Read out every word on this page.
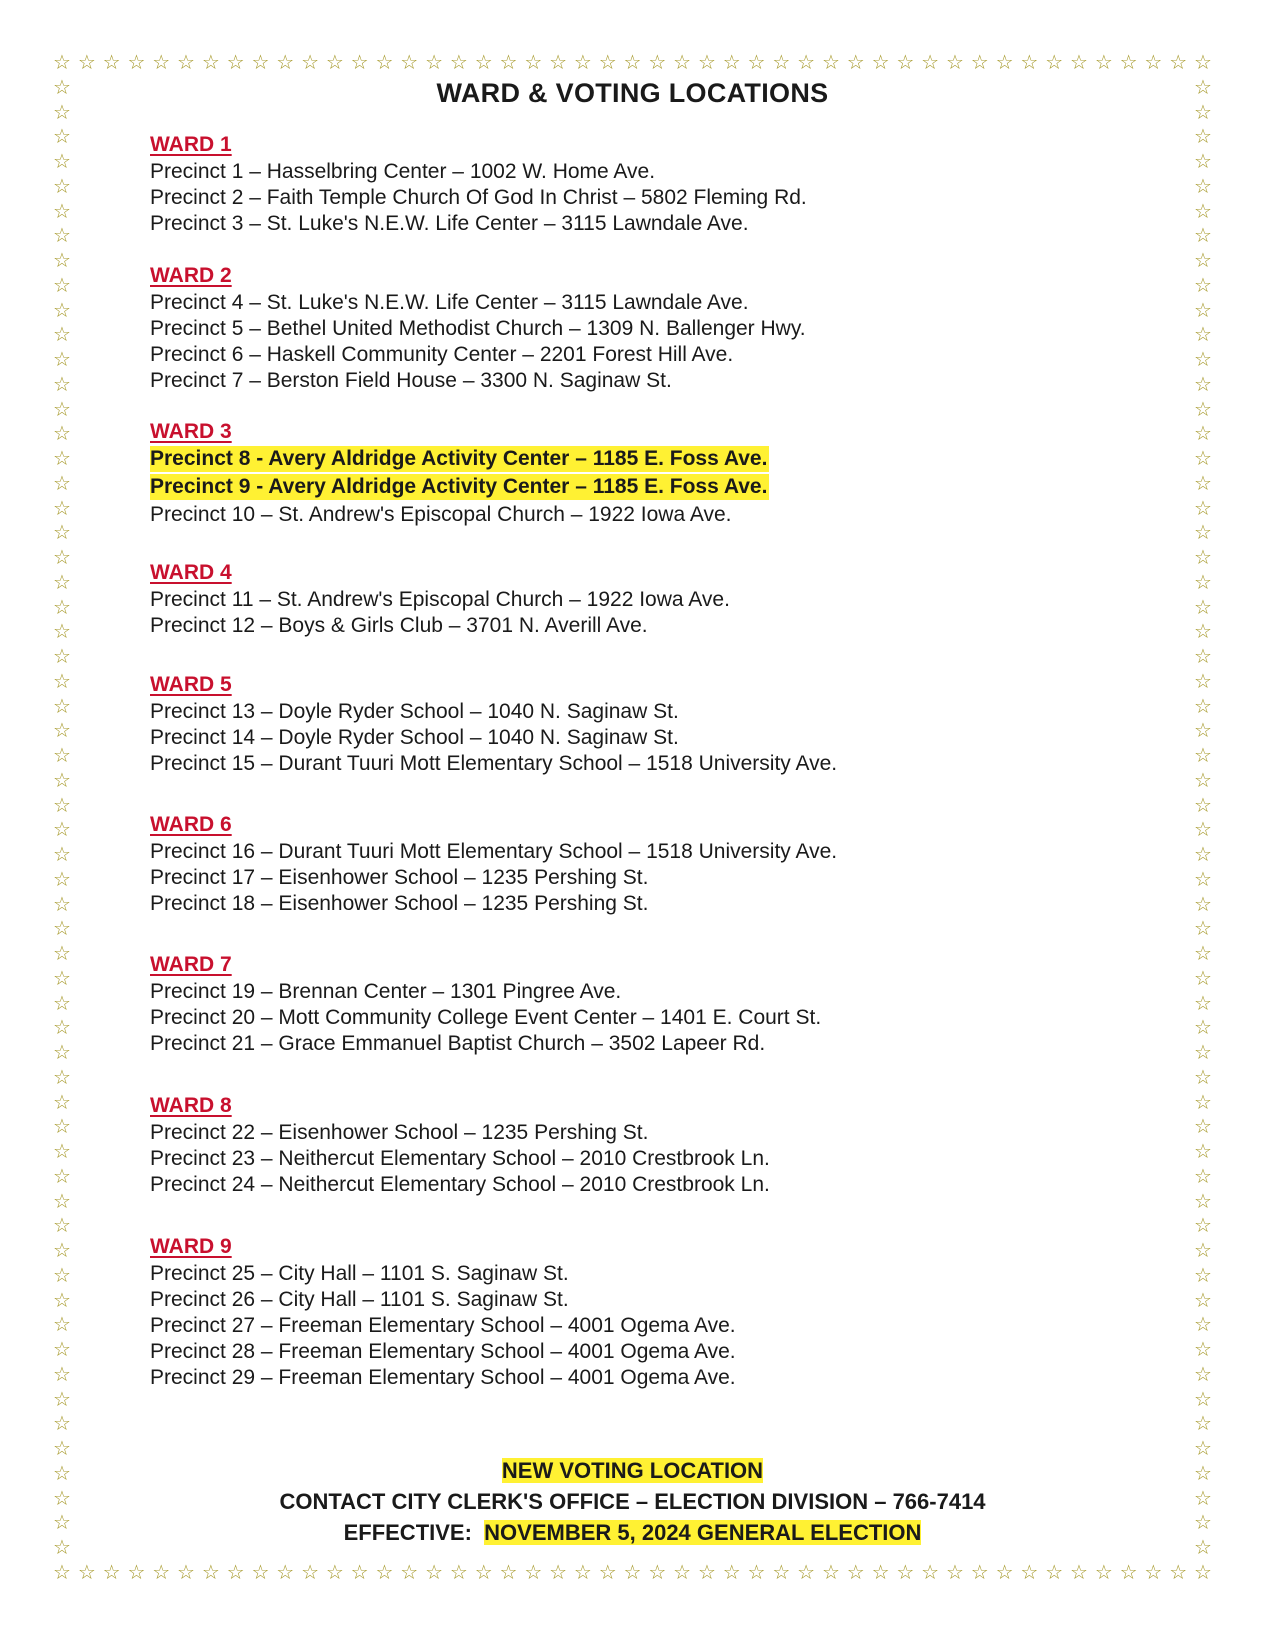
☆
☆
☆
☆
☆
☆
☆
☆
☆
☆
☆
☆
☆
☆
☆
☆
☆
☆
☆
☆
☆
☆
☆
☆
☆
☆
☆
☆
☆
☆
☆
☆
☆
☆
☆
☆
☆
☆
☆
☆
☆
☆
☆
☆
☆
☆
☆
☆
☆
☆
☆
☆
☆
☆
☆
☆
☆
☆
☆
☆
☆
☆
☆
☆
☆
☆
☆
☆
☆
☆
☆
☆
☆
☆
☆
☆
☆
☆
☆
☆
☆
☆
☆
☆
☆
☆
☆
☆
☆
☆
☆
☆
☆
☆
☆	☆
☆	☆
☆	☆
☆	☆
☆	☆
☆	☆
☆	☆
☆	☆
☆	☆
☆	☆
☆	☆
☆	☆
☆	☆
☆	☆
☆	☆
☆	☆
☆	☆
☆	☆
☆	☆
☆	☆
☆	☆
☆	☆
☆	☆
☆	☆
☆	☆
☆	☆
☆	☆
☆	☆
☆	☆
☆	☆
☆	☆
☆	☆
☆	☆
☆	☆
☆	☆
☆	☆
☆	☆
☆	☆
☆	☆
☆	☆
☆	☆
☆	☆
☆	☆
☆	☆
☆	☆
☆	☆
☆	☆
☆	☆
☆	☆
☆	☆
☆	☆
☆	☆
☆	☆
☆	☆
☆	☆
☆	☆
☆	☆
☆	☆
☆	☆
☆	☆
WARD & VOTING LOCATIONS
WARD 1
Precinct 1 – Hasselbring Center – 1002 W. Home Ave.
Precinct 2 – Faith Temple Church Of God In Christ – 5802 Fleming Rd.
Precinct 3 – St. Luke's N.E.W. Life Center – 3115 Lawndale Ave.
WARD 2
Precinct 4 – St. Luke's N.E.W. Life Center – 3115 Lawndale Ave.
Precinct 5 – Bethel United Methodist Church – 1309 N. Ballenger Hwy.
Precinct 6 – Haskell Community Center – 2201 Forest Hill Ave.
Precinct 7 – Berston Field House – 3300 N. Saginaw St.
WARD 3
Precinct 8 - Avery Aldridge Activity Center – 1185 E. Foss Ave.
Precinct 9 - Avery Aldridge Activity Center – 1185 E. Foss Ave.
Precinct 10 – St. Andrew's Episcopal Church – 1922 Iowa Ave.
WARD 4
Precinct 11 – St. Andrew's Episcopal Church – 1922 Iowa Ave.
Precinct 12 – Boys & Girls Club – 3701 N. Averill Ave.
WARD 5
Precinct 13 – Doyle Ryder School – 1040 N. Saginaw St.
Precinct 14 – Doyle Ryder School – 1040 N. Saginaw St.
Precinct 15 – Durant Tuuri Mott Elementary School – 1518 University Ave.
WARD 6
Precinct 16 – Durant Tuuri Mott Elementary School – 1518 University Ave.
Precinct 17 – Eisenhower School – 1235 Pershing St.
Precinct 18 – Eisenhower School – 1235 Pershing St.
WARD 7
Precinct 19 – Brennan Center – 1301 Pingree Ave.
Precinct 20 – Mott Community College Event Center – 1401 E. Court St.
Precinct 21 – Grace Emmanuel Baptist Church – 3502 Lapeer Rd.
WARD 8
Precinct 22 – Eisenhower School – 1235 Pershing St.
Precinct 23 – Neithercut Elementary School – 2010 Crestbrook Ln.
Precinct 24 – Neithercut Elementary School – 2010 Crestbrook Ln.
WARD 9
Precinct 25 – City Hall – 1101 S. Saginaw St.
Precinct 26 – City Hall – 1101 S. Saginaw St.
Precinct 27 – Freeman Elementary School – 4001 Ogema Ave.
Precinct 28 – Freeman Elementary School – 4001 Ogema Ave.
Precinct 29 – Freeman Elementary School – 4001 Ogema Ave.
NEW VOTING LOCATION
CONTACT CITY CLERK'S OFFICE – ELECTION DIVISION – 766-7414
EFFECTIVE: NOVEMBER 5, 2024 GENERAL ELECTION
